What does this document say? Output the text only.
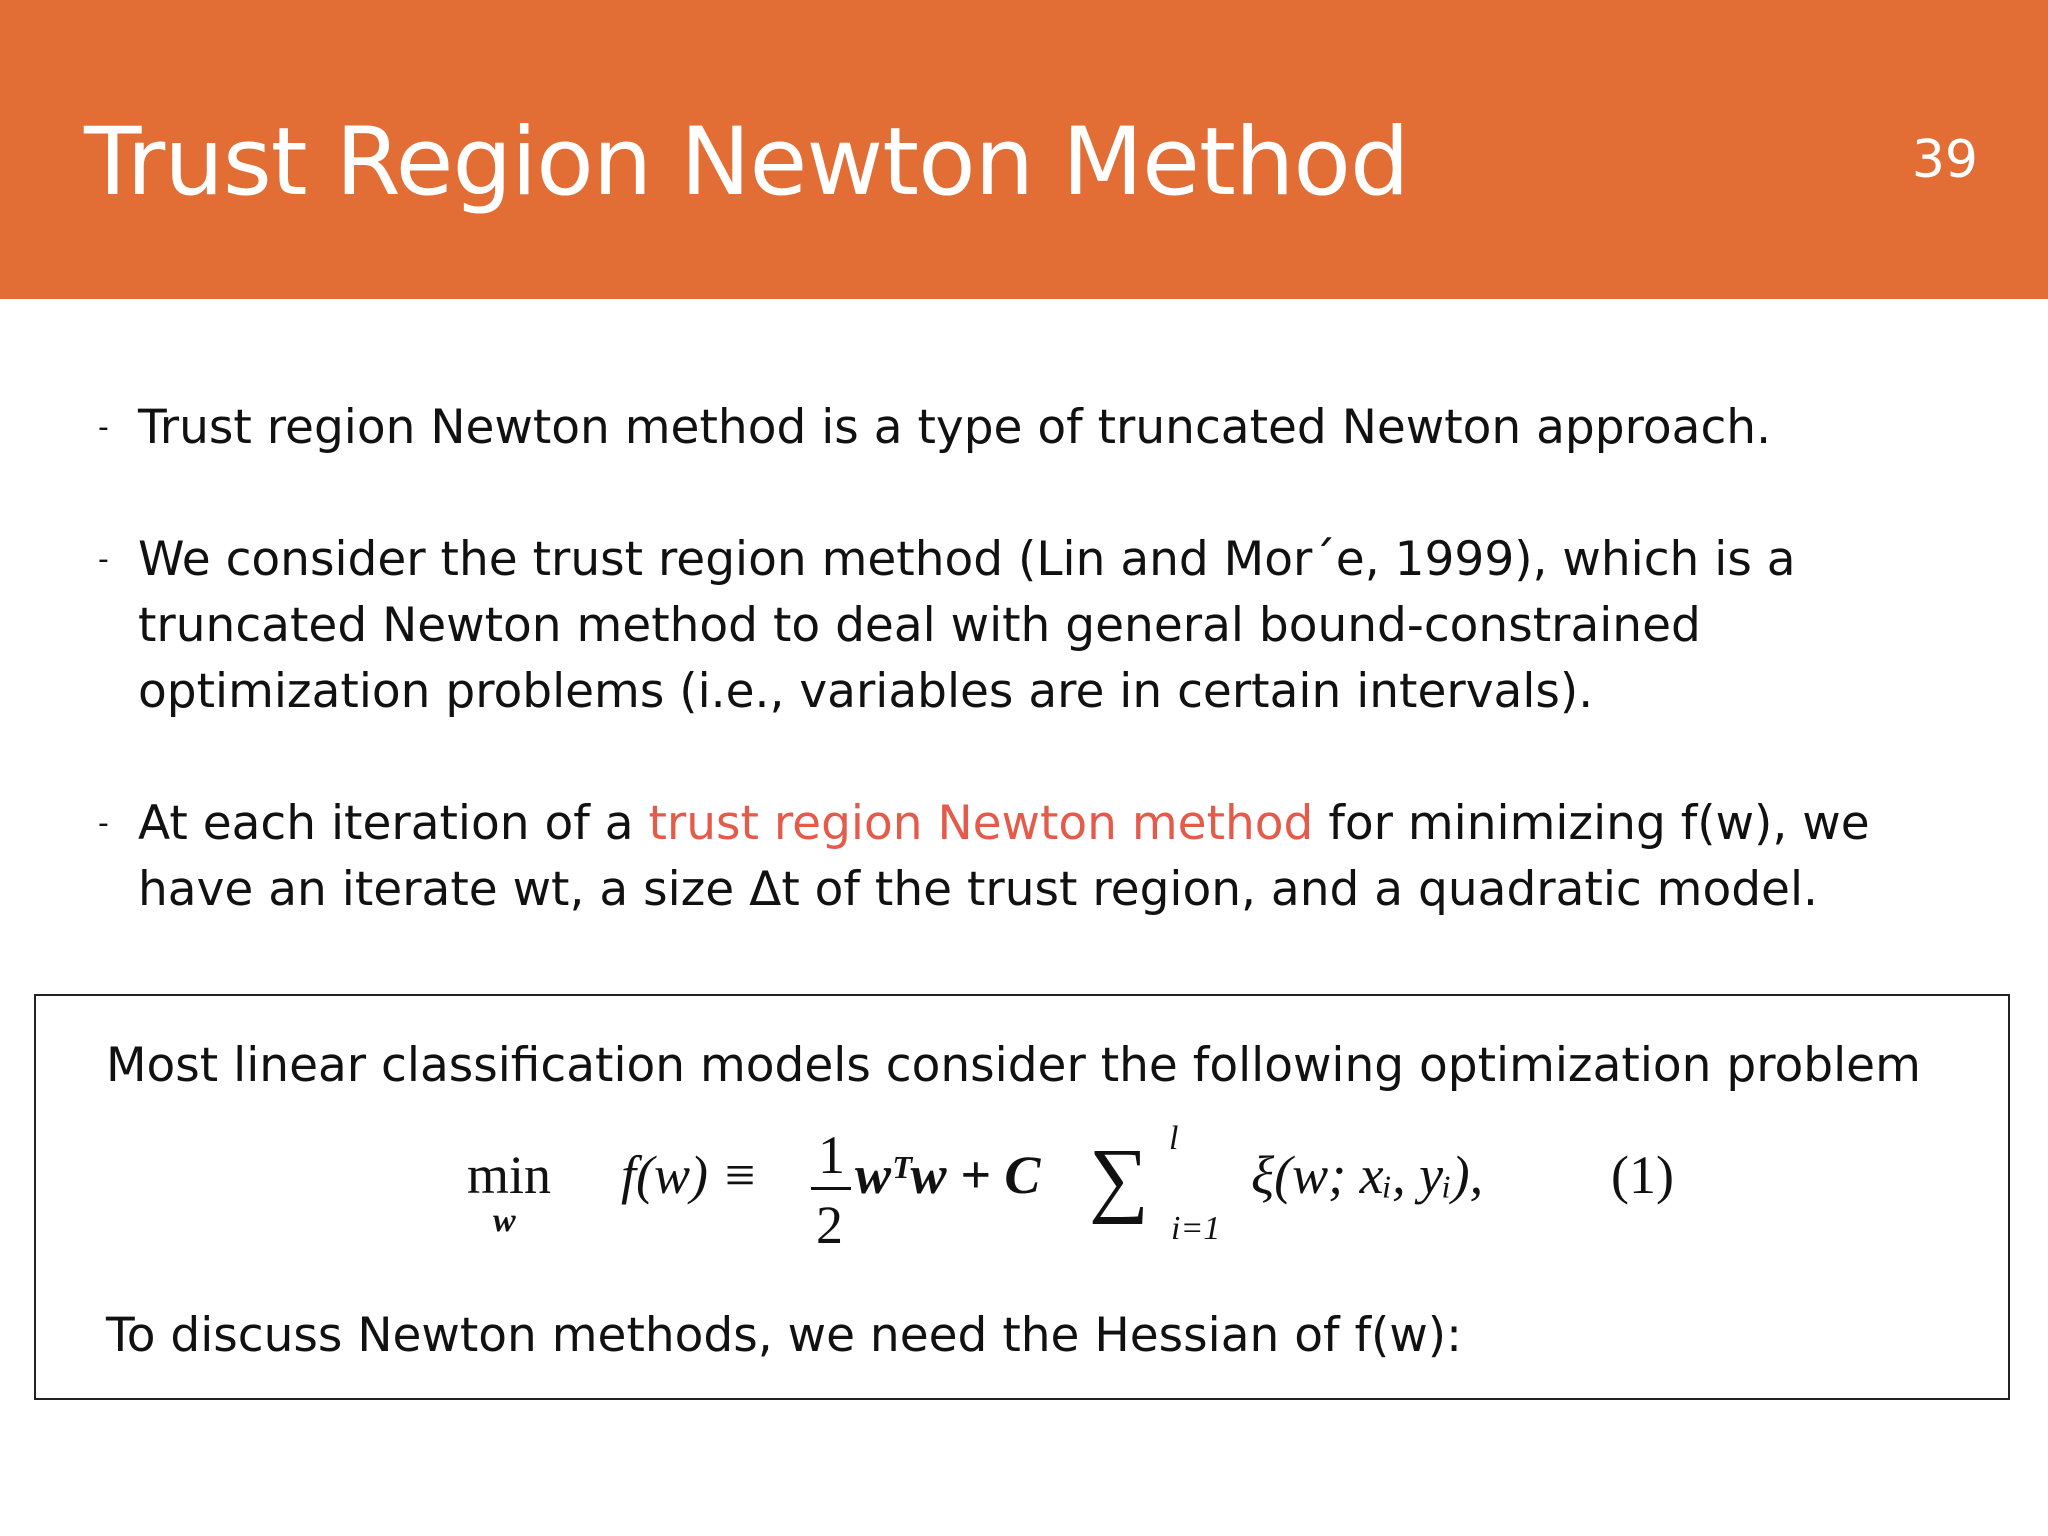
Trust Region Newton Method	39
- Trust region Newton method is a type of truncated Newton approach.
- We consider the trust region method (Lin and Mor´e, 1999), which is a truncated Newton method to deal with general bound-constrained optimization problems (i.e., variables are in certain intervals).
- At each iteration of a trust region Newton method for minimizing f(w), we have an iterate wt, a size Δt of the trust region, and a quadratic model.
Most linear classification models consider the following optimization problem
min
w
f(w) ≡ 1
2
wᵀw + C ∑ l
i=1
ξ(w; xᵢ, yᵢ), (1)
To discuss Newton methods, we need the Hessian of f(w):
